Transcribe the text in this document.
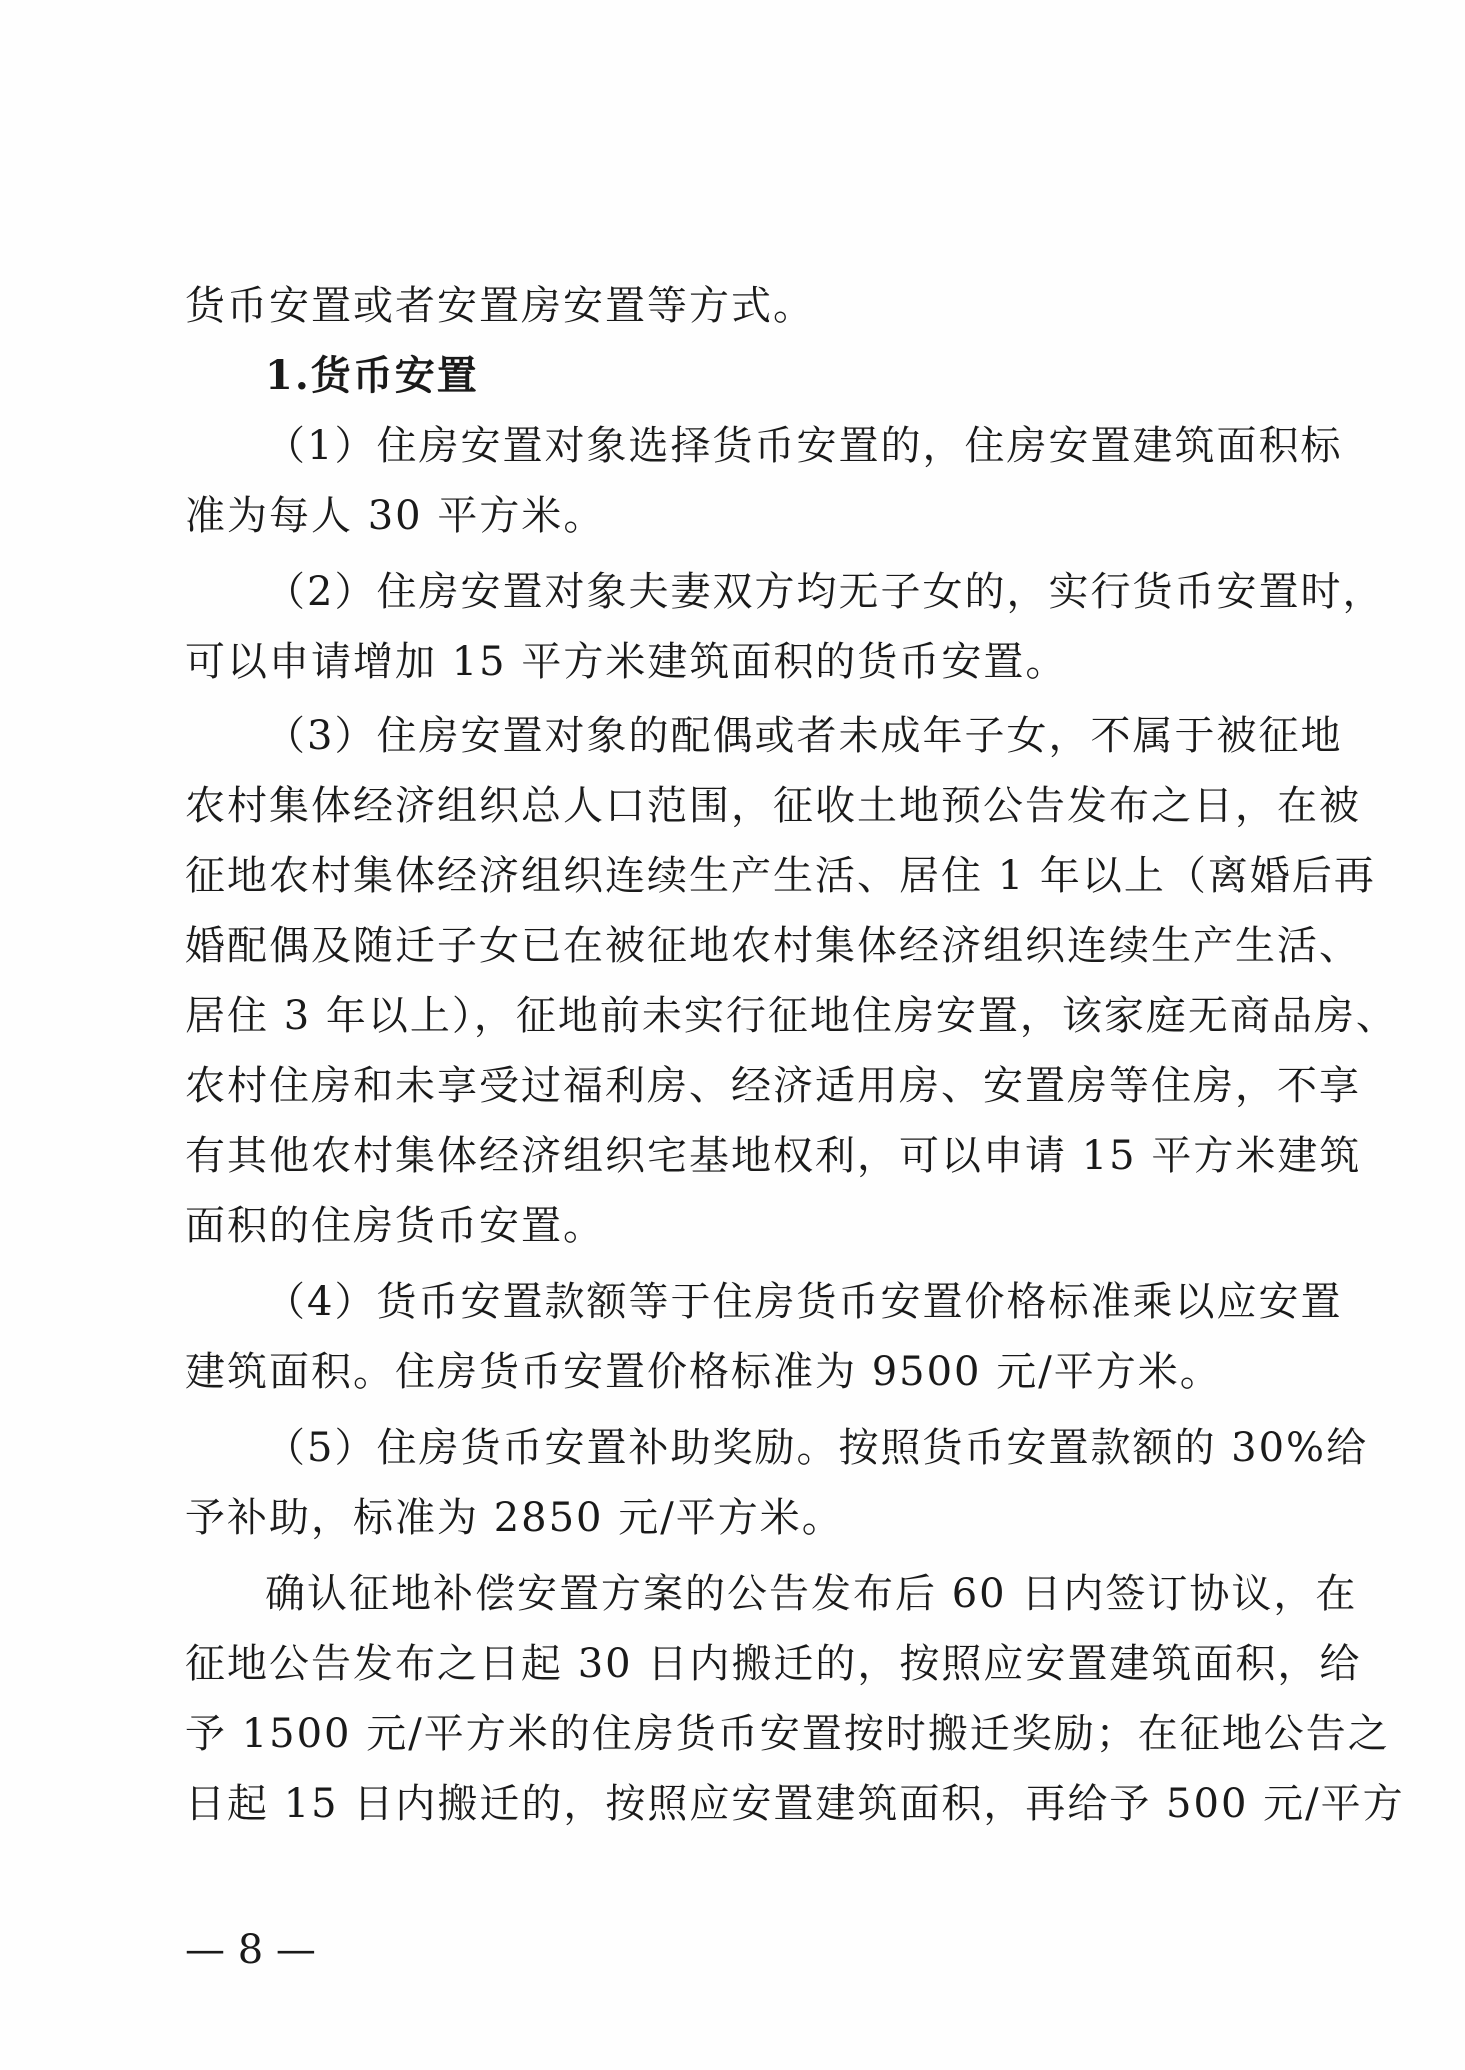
货币安置或者安置房安置等方式。
1.货币安置
（1）住房安置对象选择货币安置的，住房安置建筑面积标
准为每人 30 平方米。
（2）住房安置对象夫妻双方均无子女的，实行货币安置时，
可以申请增加 15 平方米建筑面积的货币安置。
（3）住房安置对象的配偶或者未成年子女，不属于被征地
农村集体经济组织总人口范围，征收土地预公告发布之日，在被
征地农村集体经济组织连续生产生活、居住 1 年以上（离婚后再
婚配偶及随迁子女已在被征地农村集体经济组织连续生产生活、
居住 3 年以上），征地前未实行征地住房安置，该家庭无商品房、
农村住房和未享受过福利房、经济适用房、安置房等住房，不享
有其他农村集体经济组织宅基地权利，可以申请 15 平方米建筑
面积的住房货币安置。
（4）货币安置款额等于住房货币安置价格标准乘以应安置
建筑面积。住房货币安置价格标准为 9500 元/平方米。
（5）住房货币安置补助奖励。按照货币安置款额的 30%给
予补助，标准为 2850 元/平方米。
确认征地补偿安置方案的公告发布后 60 日内签订协议，在
征地公告发布之日起 30 日内搬迁的，按照应安置建筑面积，给
予 1500 元/平方米的住房货币安置按时搬迁奖励；在征地公告之
日起 15 日内搬迁的，按照应安置建筑面积，再给予 500 元/平方
— 8 —
